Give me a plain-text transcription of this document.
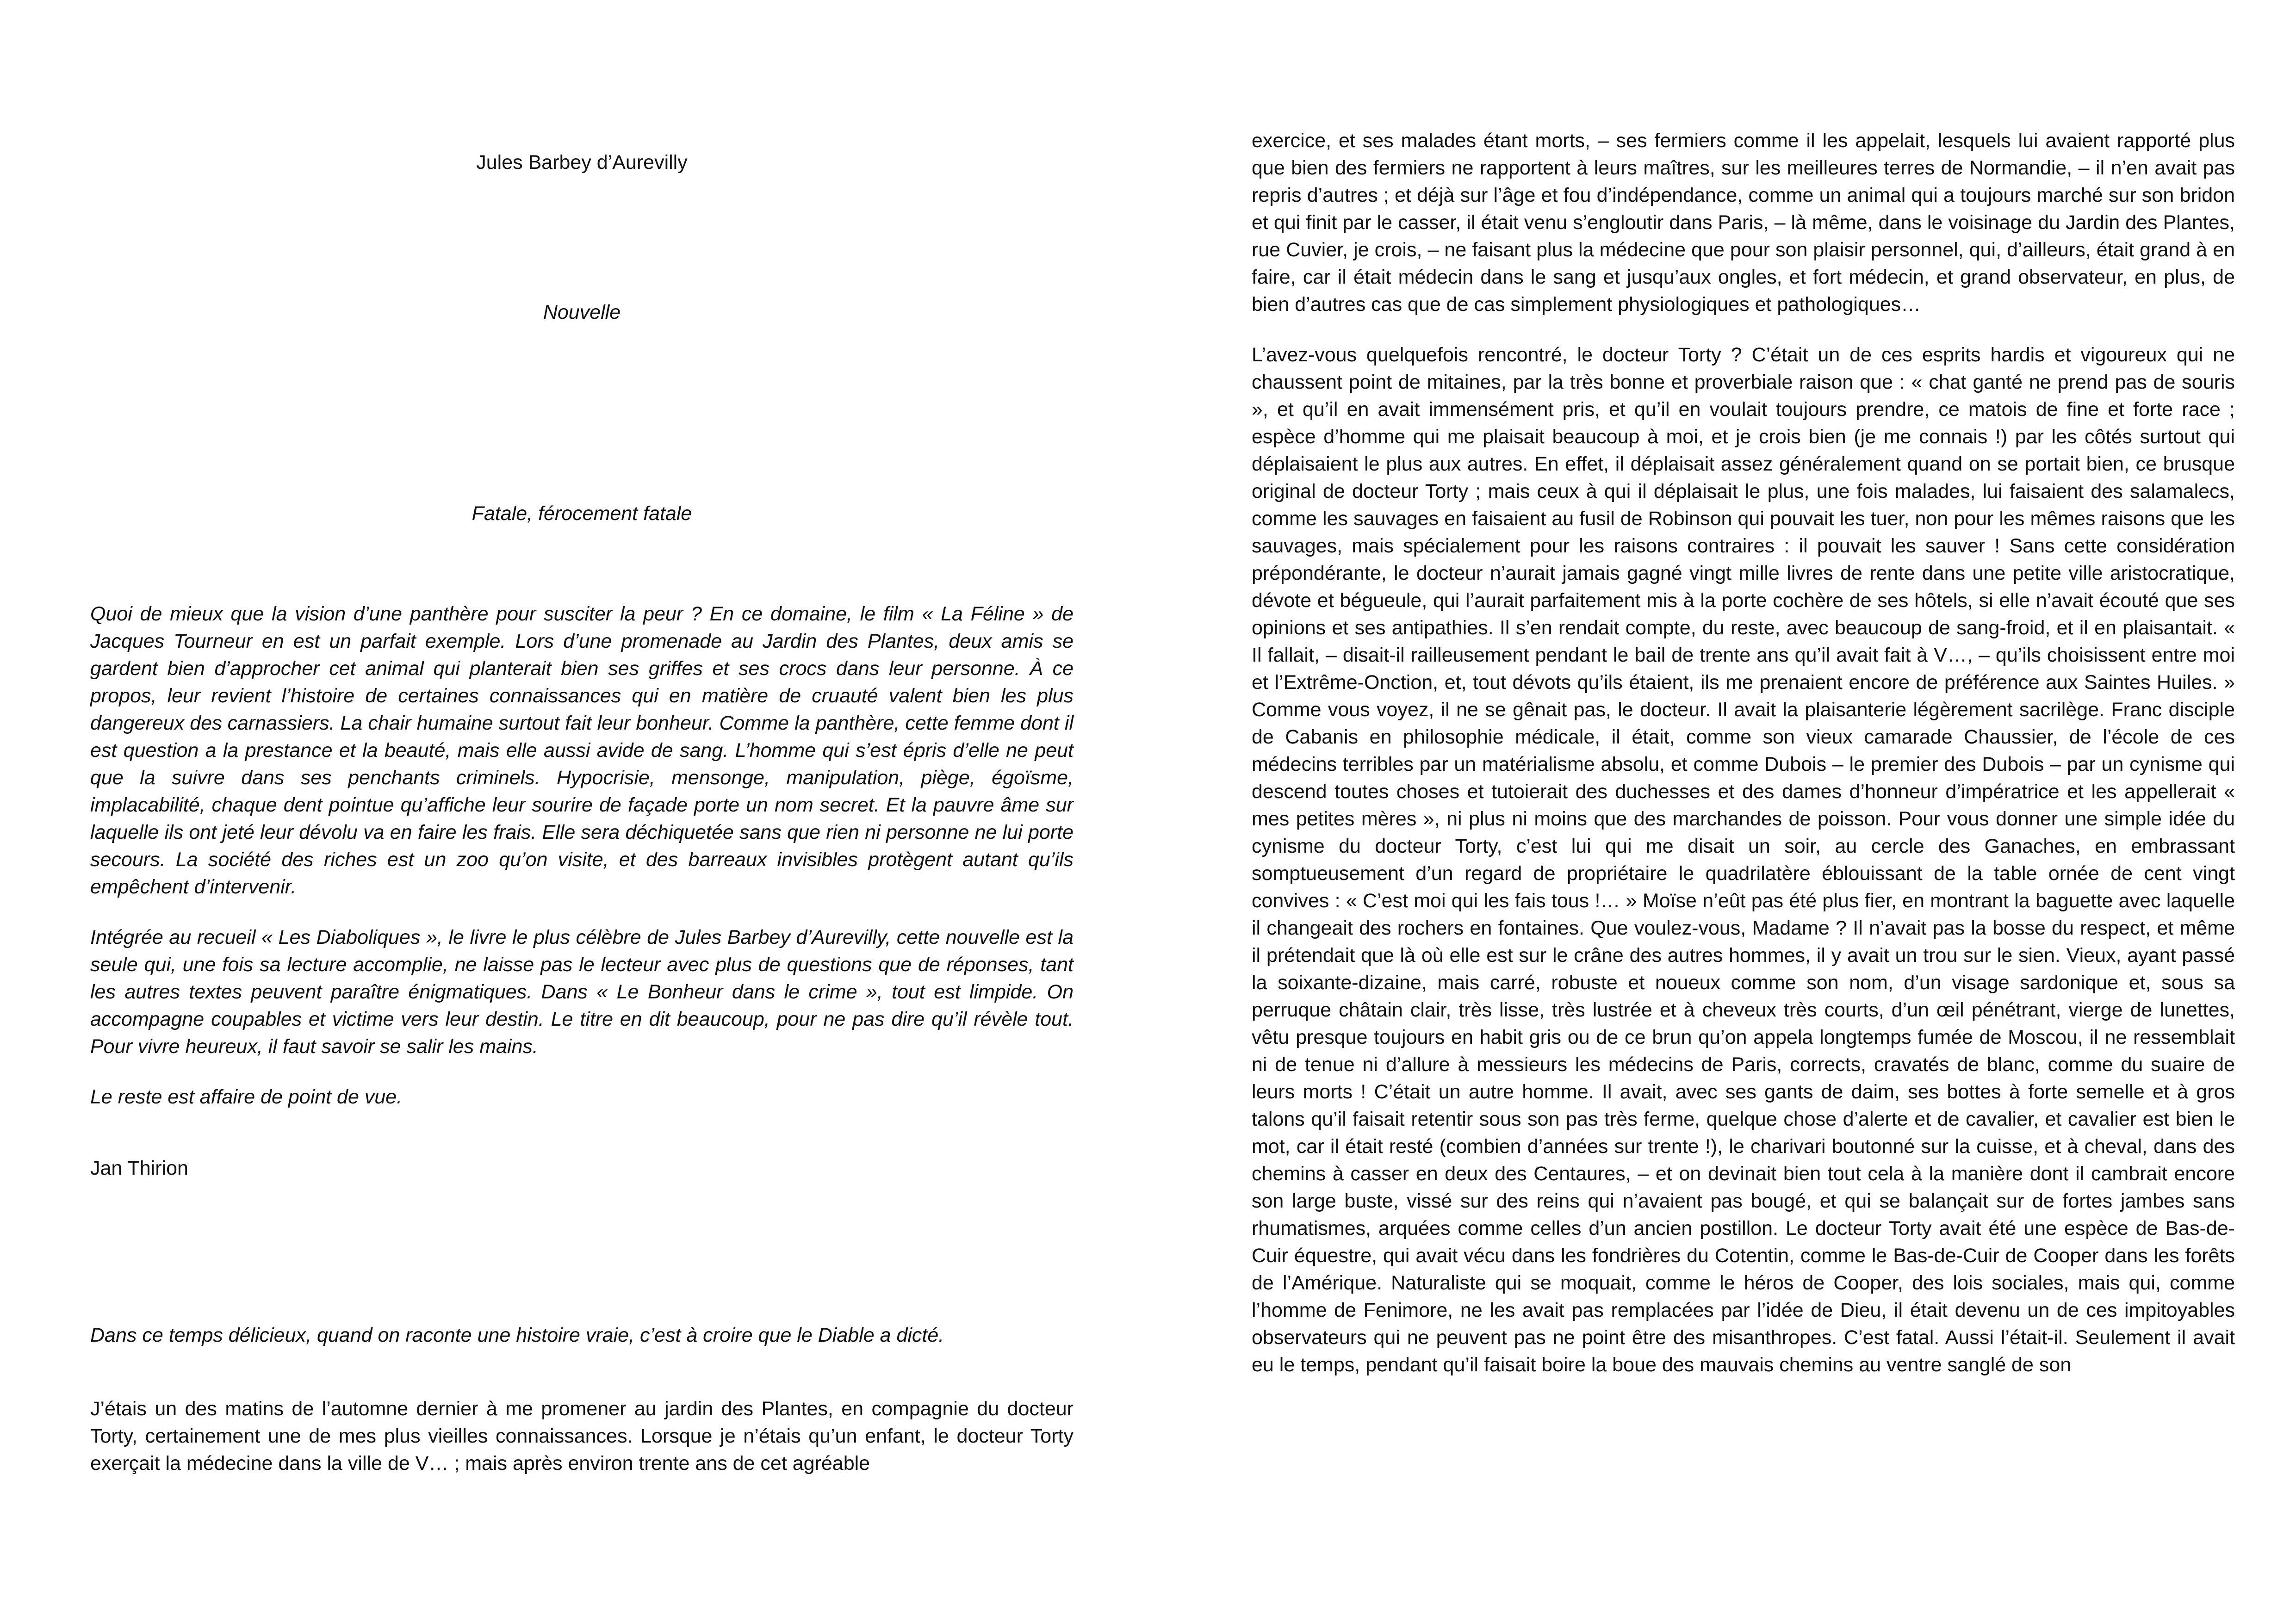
Jules Barbey d’Aurevilly
Nouvelle
Fatale, férocement fatale

Quoi de mieux que la vision d’une panthère pour susciter la peur ? En ce domaine, le film « La Féline » de Jacques Tourneur en est un parfait exemple. Lors d’une promenade au Jardin des Plantes, deux amis se gardent bien d’approcher cet animal qui planterait bien ses griffes et ses crocs dans leur personne. À ce propos, leur revient l’histoire de certaines connaissances qui en matière de cruauté valent bien les plus dangereux des carnassiers. La chair humaine surtout fait leur bonheur. Comme la panthère, cette femme dont il est question a la prestance et la beauté, mais elle aussi avide de sang. L’homme qui s’est épris d’elle ne peut que la suivre dans ses penchants criminels. Hypocrisie, mensonge, manipulation, piège, égoïsme, implacabilité, chaque dent pointue qu’affiche leur sourire de façade porte un nom secret. Et la pauvre âme sur laquelle ils ont jeté leur dévolu va en faire les frais. Elle sera déchiquetée sans que rien ni personne ne lui porte secours. La société des riches est un zoo qu’on visite, et des barreaux invisibles protègent autant qu’ils empêchent d’intervenir.

Intégrée au recueil « Les Diaboliques », le livre le plus célèbre de Jules Barbey d’Aurevilly, cette nouvelle est la seule qui, une fois sa lecture accomplie, ne laisse pas le lecteur avec plus de questions que de réponses, tant les autres textes peuvent paraître énigmatiques. Dans « Le Bonheur dans le crime », tout est limpide. On accompagne coupables et victime vers leur destin. Le titre en dit beaucoup, pour ne pas dire qu’il révèle tout. Pour vivre heureux, il faut savoir se salir les mains.

Le reste est affaire de point de vue.

Jan Thirion
Dans ce temps délicieux, quand on raconte une histoire vraie, c’est à croire que le Diable a dicté.
J’étais un des matins de l’automne dernier à me promener au jardin des Plantes, en compagnie du docteur Torty, certainement une de mes plus vieilles connaissances. Lorsque je n’étais qu’un enfant, le docteur Torty exerçait la médecine dans la ville de V… ; mais après environ trente ans de cet agréable

exercice, et ses malades étant morts, – ses fermiers comme il les appelait, lesquels lui avaient rapporté plus que bien des fermiers ne rapportent à leurs maîtres, sur les meilleures terres de Normandie, – il n’en avait pas repris d’autres ; et déjà sur l’âge et fou d’indépendance, comme un animal qui a toujours marché sur son bridon et qui finit par le casser, il était venu s’engloutir dans Paris, – là même, dans le voisinage du Jardin des Plantes, rue Cuvier, je crois, – ne faisant plus la médecine que pour son plaisir personnel, qui, d’ailleurs, était grand à en faire, car il était médecin dans le sang et jusqu’aux ongles, et fort médecin, et grand observateur, en plus, de bien d’autres cas que de cas simplement physiologiques et pathologiques…

L’avez-vous quelquefois rencontré, le docteur Torty ? C’était un de ces esprits hardis et vigoureux qui ne chaussent point de mitaines, par la très bonne et proverbiale raison que : « chat ganté ne prend pas de souris », et qu’il en avait immensément pris, et qu’il en voulait toujours prendre, ce matois de fine et forte race ; espèce d’homme qui me plaisait beaucoup à moi, et je crois bien (je me connais !) par les côtés surtout qui déplaisaient le plus aux autres. En effet, il déplaisait assez généralement quand on se portait bien, ce brusque original de docteur Torty ; mais ceux à qui il déplaisait le plus, une fois malades, lui faisaient des salamalecs, comme les sauvages en faisaient au fusil de Robinson qui pouvait les tuer, non pour les mêmes raisons que les sauvages, mais spécialement pour les raisons contraires : il pouvait les sauver ! Sans cette considération prépondérante, le docteur n’aurait jamais gagné vingt mille livres de rente dans une petite ville aristocratique, dévote et bégueule, qui l’aurait parfaitement mis à la porte cochère de ses hôtels, si elle n’avait écouté que ses opinions et ses antipathies. Il s’en rendait compte, du reste, avec beaucoup de sang-froid, et il en plaisantait. « Il fallait, – disait-il railleusement pendant le bail de trente ans qu’il avait fait à V…, – qu’ils choisissent entre moi et l’Extrême-Onction, et, tout dévots qu’ils étaient, ils me prenaient encore de préférence aux Saintes Huiles. » Comme vous voyez, il ne se gênait pas, le docteur. Il avait la plaisanterie légèrement sacrilège. Franc disciple de Cabanis en philosophie médicale, il était, comme son vieux camarade Chaussier, de l’école de ces médecins terribles par un matérialisme absolu, et comme Dubois – le premier des Dubois – par un cynisme qui descend toutes choses et tutoierait des duchesses et des dames d’honneur d’impératrice et les appellerait « mes petites mères », ni plus ni moins que des marchandes de poisson. Pour vous donner une simple idée du cynisme du docteur Torty, c’est lui qui me disait un soir, au cercle des Ganaches, en embrassant somptueusement d’un regard de propriétaire le quadrilatère éblouissant de la table ornée de cent vingt convives : « C’est moi qui les fais tous !… » Moïse n’eût pas été plus fier, en montrant la baguette avec laquelle il changeait des rochers en fontaines. Que voulez-vous, Madame ? Il n’avait pas la bosse du respect, et même il prétendait que là où elle est sur le crâne des autres hommes, il y avait un trou sur le sien. Vieux, ayant passé la soixante-dizaine, mais carré, robuste et noueux comme son nom, d’un visage sardonique et, sous sa perruque châtain clair, très lisse, très lustrée et à cheveux très courts, d’un œil pénétrant, vierge de lunettes, vêtu presque toujours en habit gris ou de ce brun qu’on appela longtemps fumée de Moscou, il ne ressemblait ni de tenue ni d’allure à messieurs les médecins de Paris, corrects, cravatés de blanc, comme du suaire de leurs morts ! C’était un autre homme. Il avait, avec ses gants de daim, ses bottes à forte semelle et à gros talons qu’il faisait retentir sous son pas très ferme, quelque chose d’alerte et de cavalier, et cavalier est bien le mot, car il était resté (combien d’années sur trente !), le charivari boutonné sur la cuisse, et à cheval, dans des chemins à casser en deux des Centaures, – et on devinait bien tout cela à la manière dont il cambrait encore son large buste, vissé sur des reins qui n’avaient pas bougé, et qui se balançait sur de fortes jambes sans rhumatismes, arquées comme celles d’un ancien postillon. Le docteur Torty avait été une espèce de Bas-de-Cuir équestre, qui avait vécu dans les fondrières du Cotentin, comme le Bas-de-Cuir de Cooper dans les forêts de l’Amérique. Naturaliste qui se moquait, comme le héros de Cooper, des lois sociales, mais qui, comme l’homme de Fenimore, ne les avait pas remplacées par l’idée de Dieu, il était devenu un de ces impitoyables observateurs qui ne peuvent pas ne point être des misanthropes. C’est fatal. Aussi l’était-il. Seulement il avait eu le temps, pendant qu’il faisait boire la boue des mauvais chemins au ventre sanglé de son
